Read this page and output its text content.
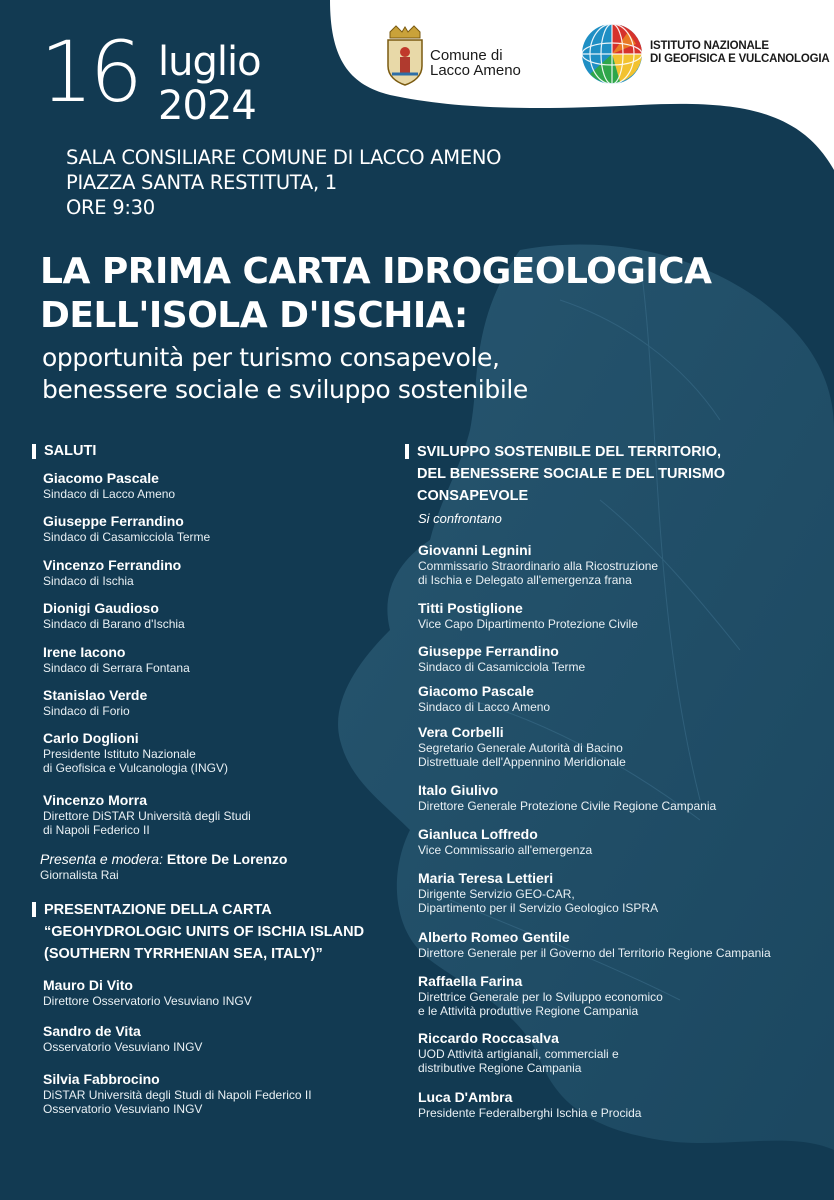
16 luglio
2024
SALA CONSILIARE COMUNE DI LACCO AMENO
PIAZZA SANTA RESTITUTA, 1
ORE 9:30
Comune di
Lacco Ameno
ISTITUTO NAZIONALE
DI GEOFISICA E VULCANOLOGIA
LA PRIMA CARTA IDROGEOLOGICA
DELL'ISOLA D'ISCHIA:
opportunità per turismo consapevole,
benessere sociale e sviluppo sostenibile
SALUTI
Giacomo Pascale
Sindaco di Lacco Ameno
Giuseppe Ferrandino
Sindaco di Casamicciola Terme
Vincenzo Ferrandino
Sindaco di Ischia
Dionigi Gaudioso
Sindaco di Barano d'Ischia
Irene Iacono
Sindaco di Serrara Fontana
Stanislao Verde
Sindaco di Forio
Carlo Doglioni
Presidente Istituto Nazionale
di Geofisica e Vulcanologia (INGV)
Vincenzo Morra
Direttore DiSTAR Università degli Studi
di Napoli Federico II
Presenta e modera: Ettore De Lorenzo
Giornalista Rai
PRESENTAZIONE DELLA CARTA
“GEOHYDROLOGIC UNITS OF ISCHIA ISLAND
(SOUTHERN TYRRHENIAN SEA, ITALY)”
Mauro Di Vito
Direttore Osservatorio Vesuviano INGV
Sandro de Vita
Osservatorio Vesuviano INGV
Silvia Fabbrocino
DiSTAR Università degli Studi di Napoli Federico II
Osservatorio Vesuviano INGV
SVILUPPO SOSTENIBILE DEL TERRITORIO,
DEL BENESSERE SOCIALE E DEL TURISMO
CONSAPEVOLE
Si confrontano
Giovanni Legnini
Commissario Straordinario alla Ricostruzione
di Ischia e Delegato all'emergenza frana
Titti Postiglione
Vice Capo Dipartimento Protezione Civile
Giuseppe Ferrandino
Sindaco di Casamicciola Terme
Giacomo Pascale
Sindaco di Lacco Ameno
Vera Corbelli
Segretario Generale Autorità di Bacino
Distrettuale dell'Appennino Meridionale
Italo Giulivo
Direttore Generale Protezione Civile Regione Campania
Gianluca Loffredo
Vice Commissario all'emergenza
Maria Teresa Lettieri
Dirigente Servizio GEO-CAR,
Dipartimento per il Servizio Geologico ISPRA
Alberto Romeo Gentile
Direttore Generale per il Governo del Territorio Regione Campania
Raffaella Farina
Direttrice Generale per lo Sviluppo economico
e le Attività produttive Regione Campania
Riccardo Roccasalva
UOD Attività artigianali, commerciali e
distributive Regione Campania
Luca D'Ambra
Presidente Federalberghi Ischia e Procida
